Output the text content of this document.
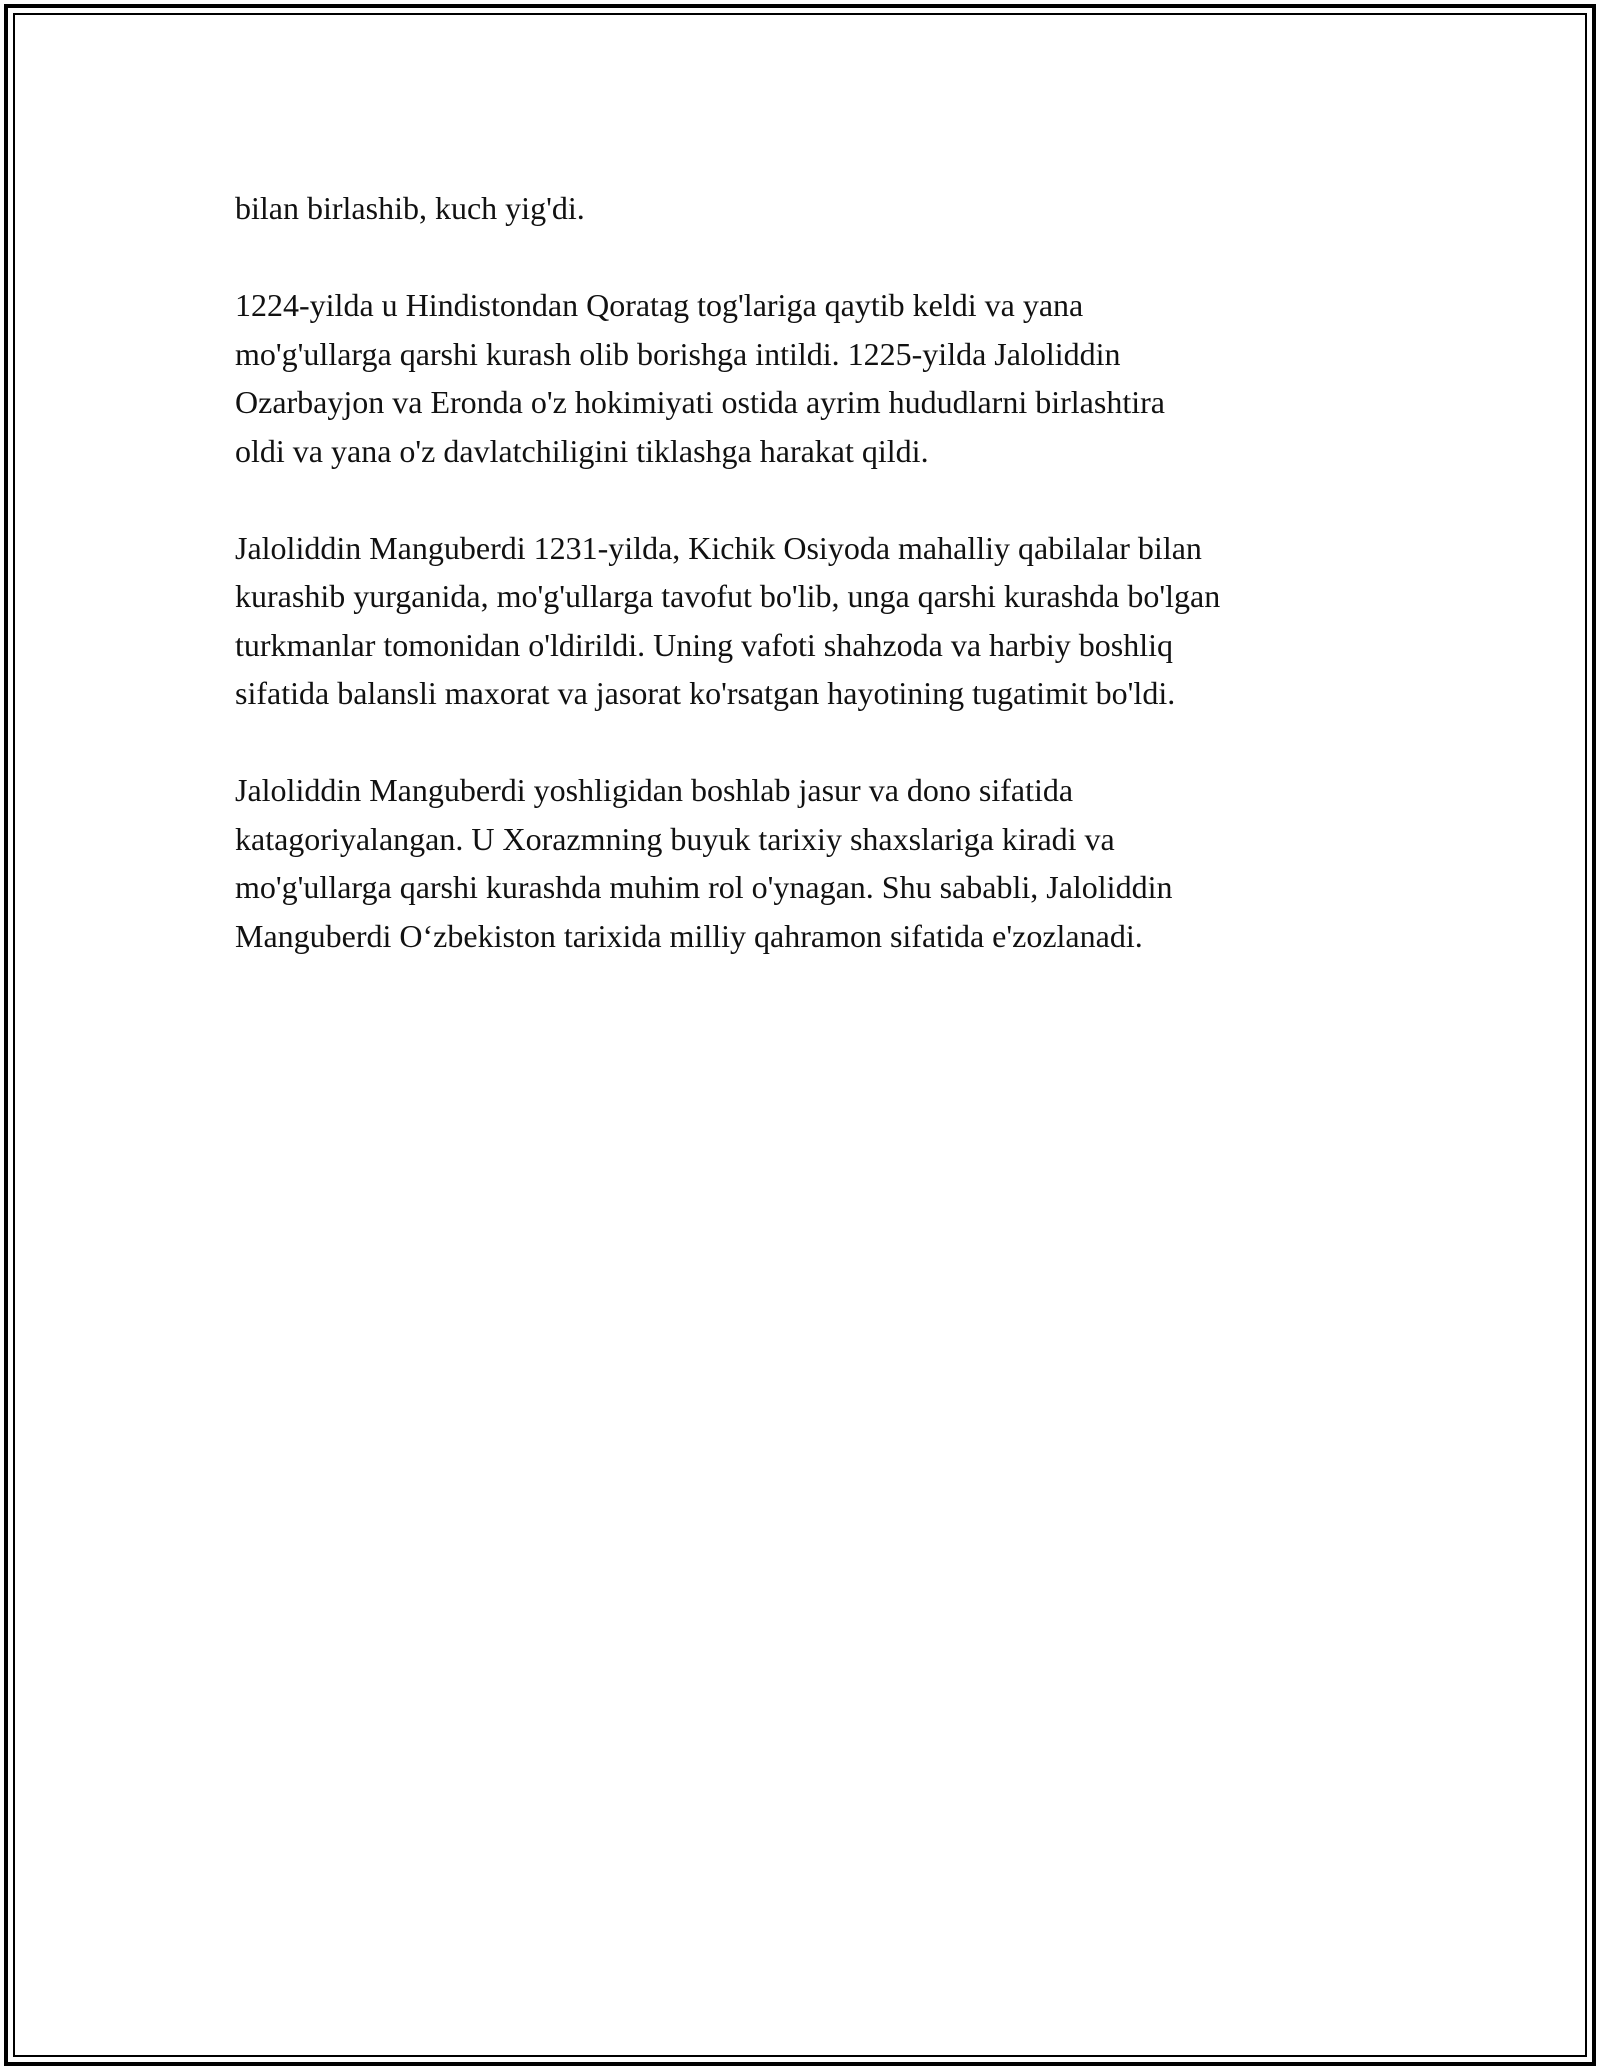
bilan birlashib, kuch yig'di.

1224-yilda u Hindistondan Qoratag tog'lariga qaytib keldi va yana
mo'g'ullarga qarshi kurash olib borishga intildi. 1225-yilda Jaloliddin
Ozarbayjon va Eronda o'z hokimiyati ostida ayrim hududlarni birlashtira
oldi va yana o'z davlatchiligini tiklashga harakat qildi.

Jaloliddin Manguberdi 1231-yilda, Kichik Osiyoda mahalliy qabilalar bilan
kurashib yurganida, mo'g'ullarga tavofut bo'lib, unga qarshi kurashda bo'lgan
turkmanlar tomonidan o'ldirildi. Uning vafoti shahzoda va harbiy boshliq
sifatida balansli maxorat va jasorat ko'rsatgan hayotining tugatimit bo'ldi.

Jaloliddin Manguberdi yoshligidan boshlab jasur va dono sifatida
katagoriyalangan. U Xorazmning buyuk tarixiy shaxslariga kiradi va
mo'g'ullarga qarshi kurashda muhim rol o'ynagan. Shu sababli, Jaloliddin
Manguberdi O‘zbekiston tarixida milliy qahramon sifatida e'zozlanadi.
